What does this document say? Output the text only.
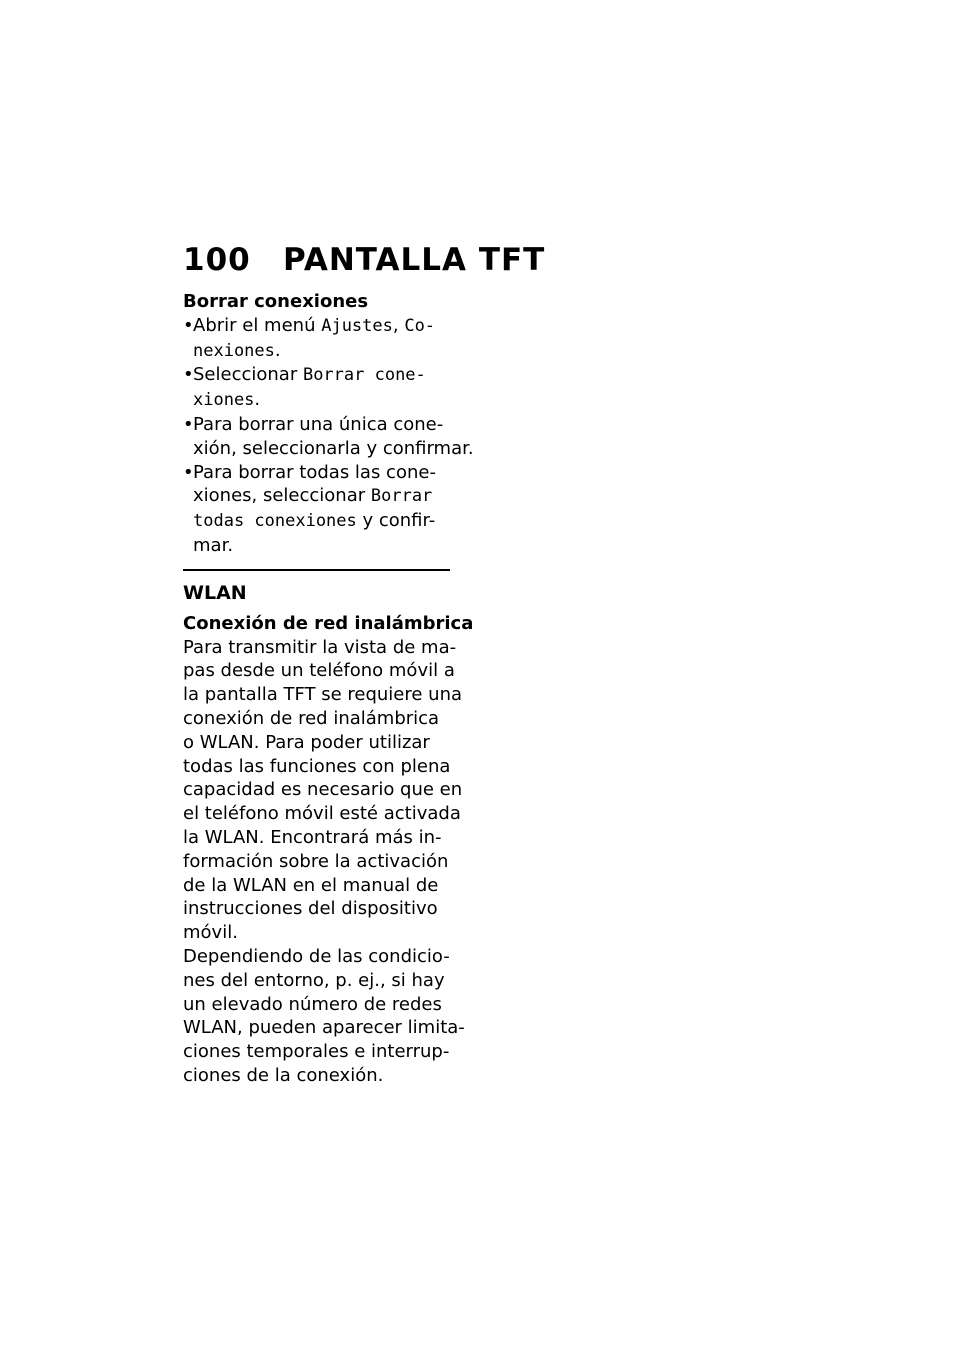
100 PANTALLA TFT
Borrar conexiones
• Abrir el menú Ajustes, Co-
nexiones.
• Seleccionar Borrar cone-
xiones.
• Para borrar una única cone-
xión, seleccionarla y confirmar.
• Para borrar todas las cone-
xiones, seleccionar Borrar
todas conexiones y confir-
mar.
WLAN
Conexión de red inalámbrica
Para transmitir la vista de ma-
pas desde un teléfono móvil a
la pantalla TFT se requiere una
conexión de red inalámbrica
o WLAN. Para poder utilizar
todas las funciones con plena
capacidad es necesario que en
el teléfono móvil esté activada
la WLAN. Encontrará más in-
formación sobre la activación
de la WLAN en el manual de
instrucciones del dispositivo
móvil.
Dependiendo de las condicio-
nes del entorno, p. ej., si hay
un elevado número de redes
WLAN, pueden aparecer limita-
ciones temporales e interrup-
ciones de la conexión.
